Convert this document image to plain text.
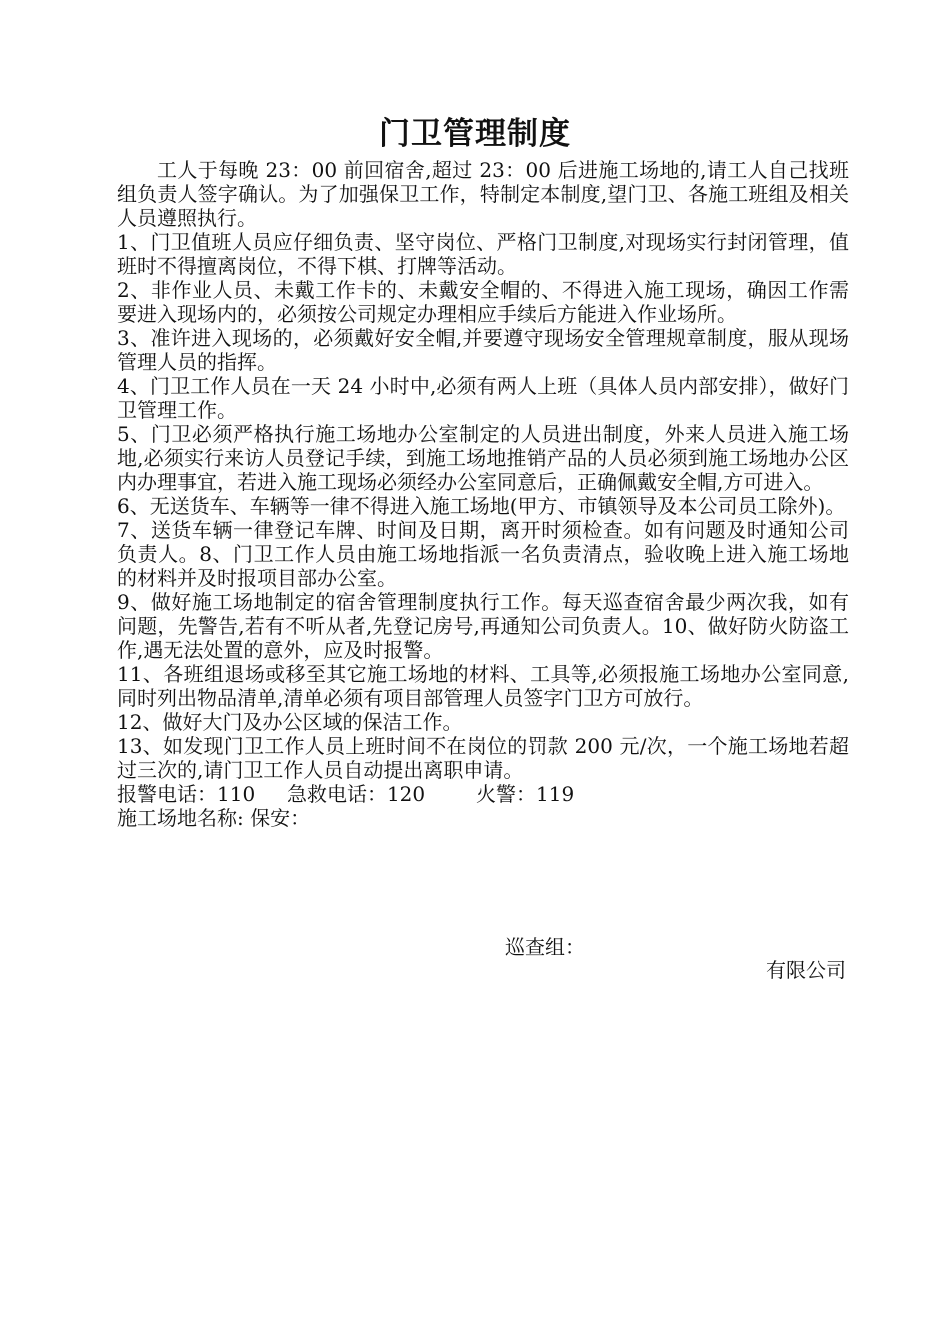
门卫管理制度

工人于每晚 23：00 前回宿舍,超过 23：00 后进施工场地的,请工人自己找班组负责人签字确认。为了加强保卫工作，特制定本制度,望门卫、各施工班组及相关人员遵照执行。

1、门卫值班人员应仔细负责、坚守岗位、严格门卫制度,对现场实行封闭管理，值班时不得擅离岗位，不得下棋、打牌等活动。

2、非作业人员、未戴工作卡的、未戴安全帽的、不得进入施工现场，确因工作需要进入现场内的，必须按公司规定办理相应手续后方能进入作业场所。

3、准许进入现场的，必须戴好安全帽,并要遵守现场安全管理规章制度，服从现场管理人员的指挥。

4、门卫工作人员在一天 24 小时中,必须有两人上班（具体人员内部安排），做好门卫管理工作。

5、门卫必须严格执行施工场地办公室制定的人员进出制度，外来人员进入施工场地,必须实行来访人员登记手续，到施工场地推销产品的人员必须到施工场地办公区内办理事宜，若进入施工现场必须经办公室同意后，正确佩戴安全帽,方可进入。

6、无送货车、车辆等一律不得进入施工场地(甲方、市镇领导及本公司员工除外)。

7、送货车辆一律登记车牌、时间及日期，离开时须检查。如有问题及时通知公司负责人。8、门卫工作人员由施工场地指派一名负责清点，验收晚上进入施工场地的材料并及时报项目部办公室。

9、做好施工场地制定的宿舍管理制度执行工作。每天巡查宿舍最少两次我，如有问题，先警告,若有不听从者,先登记房号,再通知公司负责人。10、做好防火防盗工作,遇无法处置的意外，应及时报警。

11、各班组退场或移至其它施工场地的材料、工具等,必须报施工场地办公室同意,同时列出物品清单,清单必须有项目部管理人员签字门卫方可放行。

12、做好大门及办公区域的保洁工作。

13、如发现门卫工作人员上班时间不在岗位的罚款 200 元/次，一个施工场地若超过三次的,请门卫工作人员自动提出离职申请。

报警电话：110     急救电话：120        火警：119

施工场地名称: 保安：

巡查组：
有限公司
